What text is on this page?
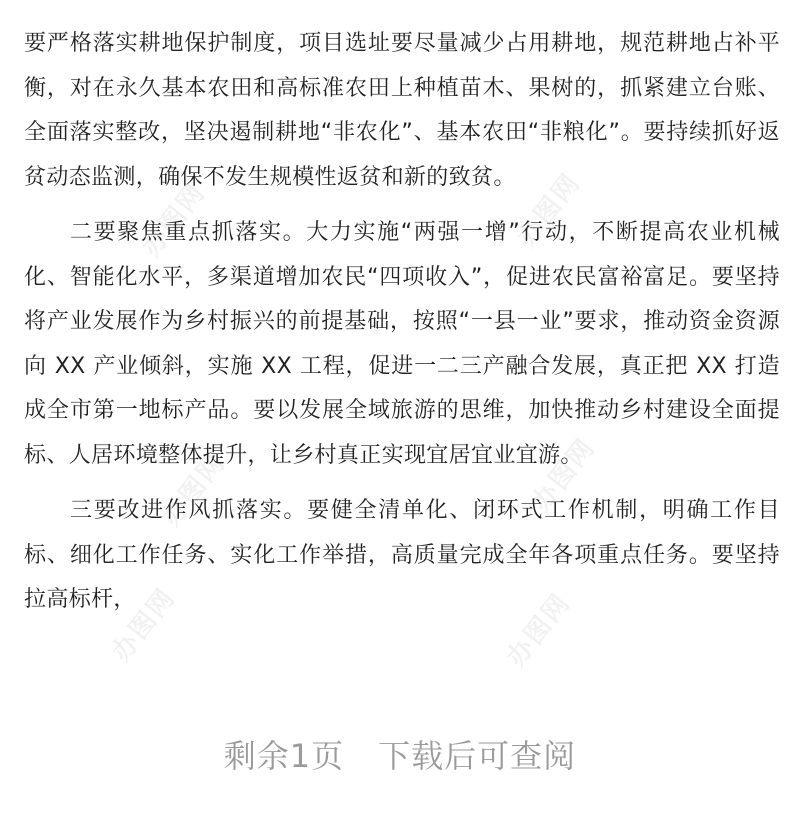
要严格落实耕地保护制度，项目选址要尽量减少占用耕地，规范耕地占补平衡，对在永久基本农田和高标准农田上种植苗木、果树的，抓紧建立台账、全面落实整改，坚决遏制耕地“非农化”、基本农田“非粮化”。要持续抓好返贫动态监测，确保不发生规模性返贫和新的致贫。

二要聚焦重点抓落实。大力实施“两强一增”行动，不断提高农业机械化、智能化水平，多渠道增加农民“四项收入”，促进农民富裕富足。要坚持将产业发展作为乡村振兴的前提基础，按照“一县一业”要求，推动资金资源向 XX 产业倾斜，实施 XX 工程，促进一二三产融合发展，真正把 XX 打造成全市第一地标产品。要以发展全域旅游的思维，加快推动乡村建设全面提标、人居环境整体提升，让乡村真正实现宜居宜业宜游。

三要改进作风抓落实。要健全清单化、闭环式工作机制，明确工作目标、细化工作任务、实化工作举措，高质量完成全年各项重点任务。要坚持拉高标杆，

办图网	办图网
办图网	办图网
办图网	办图网
剩余1页 下载后可查阅
